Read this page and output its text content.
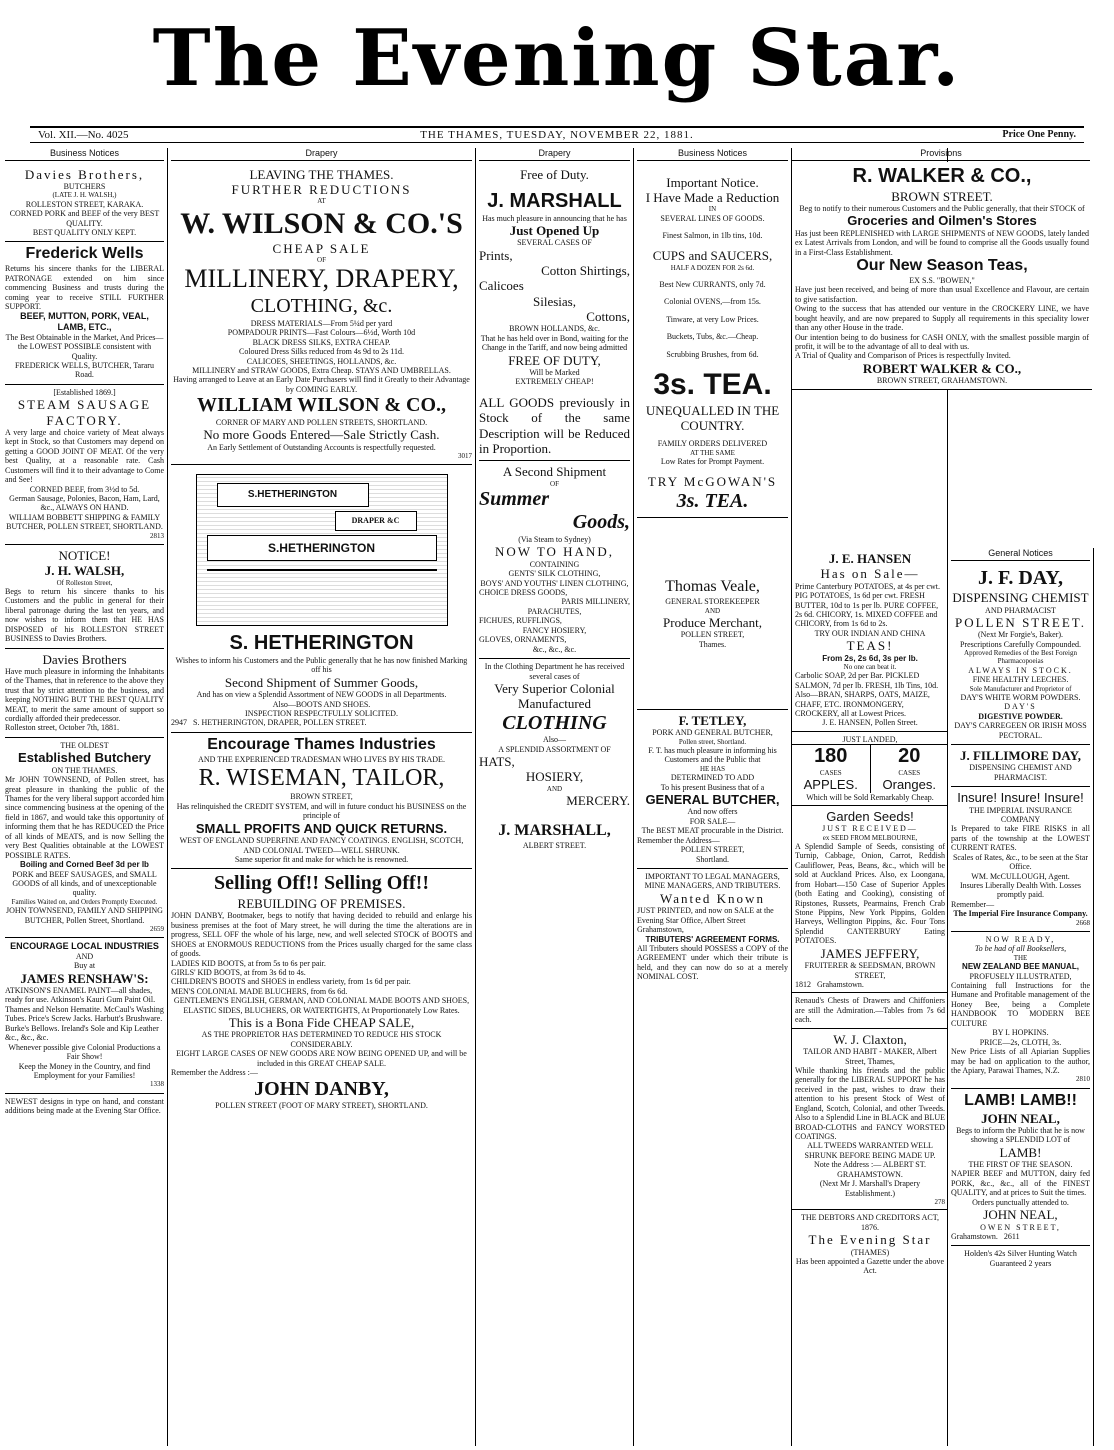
The Evening Star.
Vol. XII.—No. 4025	THE THAMES, TUESDAY, NOVEMBER 22, 1881.	Price One Penny.
Business Notices

Davies Brothers,

BUTCHERS

(LATE J. H. WALSH,)

ROLLESTON STREET, KARAKA.

CORNED PORK and BEEF of the very BEST QUALITY.

BEST QUALITY ONLY KEPT.

Frederick Wells

Returns his sincere thanks for the LIBERAL PATRONAGE extended on him since commencing Business and trusts during the coming year to receive STILL FURTHER SUPPORT.

BEEF, MUTTON, PORK, VEAL, LAMB, ETC.,

The Best Obtainable in the Market, And Prices—the LOWEST POSSIBLE consistent with Quality.

FREDERICK WELLS, BUTCHER, Tararu Road.

[Established 1869.]

STEAM SAUSAGE FACTORY.

A very large and choice variety of Meat always kept in Stock, so that Customers may depend on getting a GOOD JOINT OF MEAT. Of the very best Quality, at a reasonable rate. Cash Customers will find it to their advantage to Come and See!

CORNED BEEF, from 3½d to 5d.

German Sausage, Polonies, Bacon, Ham, Lard, &c., ALWAYS ON HAND.

WILLIAM BOBBETT SHIPPING & FAMILY BUTCHER, POLLEN STREET, SHORTLAND.

2813

NOTICE!

J. H. WALSH,

Of Rolleston Street,

Begs to return his sincere thanks to his Customers and the public in general for their liberal patronage during the last ten years, and now wishes to inform them that HE HAS DISPOSED of his ROLLESTON STREET BUSINESS to Davies Brothers.

Davies Brothers

Have much pleasure in informing the Inhabitants of the Thames, that in reference to the above they trust that by strict attention to the business, and keeping NOTHING BUT THE BEST QUALITY MEAT, to merit the same amount of support so cordially afforded their predecessor.

Rolleston street, October 7th, 1881.

THE OLDEST

Established Butchery

ON THE THAMES.

Mr JOHN TOWNSEND, of Pollen street, has great pleasure in thanking the public of the Thames for the very liberal support accorded him since commencing business at the opening of the field in 1867, and would take this opportunity of informing them that he has REDUCED the Price of all kinds of MEATS, and is now Selling the very Best Qualities obtainable at the LOWEST POSSIBLE RATES.

Boiling and Corned Beef 3d per lb

PORK and BEEF SAUSAGES, and SMALL GOODS of all kinds, and of unexceptionable quality.

Families Waited on, and Orders Promptly Executed.

JOHN TOWNSEND, FAMILY AND SHIPPING BUTCHER, Pollen Street, Shortland.

2659

ENCOURAGE LOCAL INDUSTRIES

AND

Buy at

JAMES RENSHAW'S:

ATKINSON'S ENAMEL PAINT—all shades, ready for use. Atkinson's Kauri Gum Paint Oil. Thames and Nelson Hematite. McCaul's Washing Tubes. Price's Screw Jacks. Harbutt's Brushware. Burke's Bellows. Ireland's Sole and Kip Leather &c., &c., &c.

Whenever possible give Colonial Productions a Fair Show!

Keep the Money in the Country, and find Employment for your Families!

1338

NEWEST designs in type on hand, and constant additions being made at the Evening Star Office.

Drapery

LEAVING THE THAMES.

FURTHER REDUCTIONS

AT

W. WILSON & CO.'S

CHEAP SALE

OF

MILLINERY, DRAPERY,

CLOTHING, &c.

DRESS MATERIALS—From 5¼d per yard

POMPADOUR PRINTS—Fast Colours—6½d, Worth 10d

BLACK DRESS SILKS, EXTRA CHEAP.

Coloured Dress Silks reduced from 4s 9d to 2s 11d.

CALICOES, SHEETINGS, HOLLANDS, &c.

MILLINERY and STRAW GOODS, Extra Cheap. STAYS AND UMBRELLAS.

Having arranged to Leave at an Early Date Purchasers will find it Greatly to their Advantage by COMING EARLY.

WILLIAM WILSON & CO.,

CORNER OF MARY AND POLLEN STREETS, SHORTLAND.

No more Goods Entered—Sale Strictly Cash.

An Early Settlement of Outstanding Accounts is respectfully requested.

3017

S.HETHERINGTON
DRAPER &C
S.HETHERINGTON

S. HETHERINGTON

Wishes to inform his Customers and the Public generally that he has now finished Marking off his

Second Shipment of Summer Goods,

And has on view a Splendid Assortment of NEW GOODS in all Departments.

Also—BOOTS AND SHOES.

INSPECTION RESPECTFULLY SOLICITED.

2947 S. HETHERINGTON, DRAPER, POLLEN STREET.

Encourage Thames Industries

AND THE EXPERIENCED TRADESMAN WHO LIVES BY HIS TRADE.

R. WISEMAN, TAILOR,

BROWN STREET,

Has relinquished the CREDIT SYSTEM, and will in future conduct his BUSINESS on the principle of

SMALL PROFITS AND QUICK RETURNS.

WEST OF ENGLAND SUPERFINE AND FANCY COATINGS. ENGLISH, SCOTCH, AND COLONIAL TWEED—WELL SHRUNK.

Same superior fit and make for which he is renowned.

Selling Off!! Selling Off!!

REBUILDING OF PREMISES.

JOHN DANBY, Bootmaker, begs to notify that having decided to rebuild and enlarge his business premises at the foot of Mary street, he will during the time the alterations are in progress, SELL OFF the whole of his large, new, and well selected STOCK of BOOTS and SHOES at ENORMOUS REDUCTIONS from the Prices usually charged for the same class of goods.

LADIES KID BOOTS, at from 5s to 6s per pair.

GIRLS' KID BOOTS, at from 3s 6d to 4s.

CHILDREN'S BOOTS and SHOES in endless variety, from 1s 6d per pair.

MEN'S COLONIAL MADE BLUCHERS, from 6s 6d.

GENTLEMEN'S ENGLISH, GERMAN, AND COLONIAL MADE BOOTS AND SHOES, ELASTIC SIDES, BLUCHERS, OR WATERTIGHTS, At Proportionately Low Rates.

This is a Bona Fide CHEAP SALE,

AS THE PROPRIETOR HAS DETERMINED TO REDUCE HIS STOCK CONSIDERABLY.

EIGHT LARGE CASES OF NEW GOODS ARE NOW BEING OPENED UP, and will be included in this GREAT CHEAP SALE.

Remember the Address :—

JOHN DANBY,

POLLEN STREET (FOOT OF MARY STREET), SHORTLAND.

Drapery

Free of Duty.

J. MARSHALL

Has much pleasure in announcing that he has

Just Opened Up

SEVERAL CASES OF

Prints,

Cotton Shirtings,

Calicoes

Silesias,

Cottons,

BROWN HOLLANDS, &c.

That he has held over in Bond, waiting for the Change in the Tariff, and now being admitted

FREE OF DUTY,

Will be Marked

EXTREMELY CHEAP!

ALL GOODS previously in Stock of the same Description will be Reduced in Proportion.

A Second Shipment

OF

Summer

Goods,

(Via Steam to Sydney)

NOW TO HAND,

CONTAINING

GENTS' SILK CLOTHING,

BOYS' AND YOUTHS' LINEN CLOTHING,

CHOICE DRESS GOODS,

PARIS MILLINERY,

PARACHUTES,

FICHUES, RUFFLINGS,

FANCY HOSIERY,

GLOVES, ORNAMENTS,

&c., &c., &c.

In the Clothing Department he has received several cases of

Very Superior Colonial Manufactured

CLOTHING

Also—

A SPLENDID ASSORTMENT OF

HATS,

HOSIERY,

AND

MERCERY.

J. MARSHALL,

ALBERT STREET.

Business Notices

Important Notice.

I Have Made a Reduction

IN

SEVERAL LINES OF GOODS.

Finest Salmon, in 1lb tins, 10d.

CUPS and SAUCERS,

HALF A DOZEN FOR 2s 6d.

Best New CURRANTS, only 7d.

Colonial OVENS,—from 15s.

Tinware, at very Low Prices.

Buckets, Tubs, &c.—Cheap.

Scrubbing Brushes, from 6d.

3s. TEA.

UNEQUALLED IN THE COUNTRY.

FAMILY ORDERS DELIVERED

AT THE SAME

Low Rates for Prompt Payment.

TRY McGOWAN'S

3s. TEA.

Thomas Veale,

GENERAL STOREKEEPER

AND

Produce Merchant,

POLLEN STREET,

Thames.

F. TETLEY,

PORK AND GENERAL BUTCHER,

Pollen street, Shortland.

F. T. has much pleasure in informing his Customers and the Public that

HE HAS

DETERMINED TO ADD

To his present Business that of a

GENERAL BUTCHER,

And now offers

FOR SALE—

The BEST MEAT procurable in the District.

Remember the Address—

POLLEN STREET,

Shortland.

IMPORTANT TO LEGAL MANAGERS, MINE MANAGERS, AND TRIBUTERS.

Wanted Known

JUST PRINTED, and now on SALE at the Evening Star Office, Albert Street Grahamstown,

TRIBUTERS' AGREEMENT FORMS.

All Tributers should POSSESS a COPY of the AGREEMENT under which their tribute is held, and they can now do so at a merely NOMINAL COST.

Provisions

R. WALKER & CO.,

BROWN STREET.

Beg to notify to their numerous Customers and the Public generally, that their STOCK of

Groceries and Oilmen's Stores

Has just been REPLENISHED with LARGE SHIPMENTS of NEW GOODS, lately landed ex Latest Arrivals from London, and will be found to comprise all the Goods usually found in a First-Class Establishment.

Our New Season Teas,

EX S.S. "BOWEN,"

Have just been received, and being of more than usual Excellence and Flavour, are certain to give satisfaction.

Owing to the success that has attended our venture in the CROCKERY LINE, we have bought heavily, and are now prepared to Supply all requirements in this speciality lower than any other House in the trade.

Our intention being to do business for CASH ONLY, with the smallest possible margin of profit, it will be to the advantage of all to deal with us.

A Trial of Quality and Comparison of Prices is respectfully Invited.

ROBERT WALKER & CO.,

BROWN STREET, GRAHAMSTOWN.

J. E. HANSEN

Has on Sale—

Prime Canterbury POTATOES, at 4s per cwt. PIG POTATOES, 1s 6d per cwt. FRESH BUTTER, 10d to 1s per lb. PURE COFFEE, 2s 6d. CHICORY, 1s. MIXED COFFEE and CHICORY, from 1s 6d to 2s.

TRY OUR INDIAN AND CHINA

TEAS!

From 2s, 2s 6d, 3s per lb.

No one can beat it.

Carbolic SOAP, 2d per Bar. PICKLED SALMON, 7d per lb. FRESH, 1lb Tins, 10d. Also—BRAN, SHARPS, OATS, MAIZE, CHAFF, ETC. IRONMONGERY, CROCKERY, all at Lowest Prices.

J. E. HANSEN, Pollen Street.

JUST LANDED,

180

CASES

APPLES.

20

CASES

Oranges.

Which will be Sold Remarkably Cheap.

Garden Seeds!

JUST RECEIVED—

ex SEED FROM MELBOURNE,

A Splendid Sample of Seeds, consisting of Turnip, Cabbage, Onion, Carrot, Reddish Cauliflower, Peas, Beans, &c., which will be sold at Auckland Prices. Also, ex Loongana, from Hobart—150 Case of Superior Apples (both Eating and Cooking), consisting of Ripstones, Russets, Pearmains, French Crab Stone Pippins, New York Pippins, Golden Harveys, Wellington Pippins, &c. Four Tons Splendid CANTERBURY Eating POTATOES.

JAMES JEFFERY,

FRUITERER & SEEDSMAN, BROWN STREET,

1812 Grahamstown.

Renaud's Chests of Drawers and Chiffoniers are still the Admiration.—Tables from 7s 6d each.

W. J. Claxton,

TAILOR AND HABIT - MAKER, Albert Street, Thames,

While thanking his friends and the public generally for the LIBERAL SUPPORT he has received in the past, wishes to draw their attention to his present Stock of West of England, Scotch, Colonial, and other Tweeds. Also to a Splendid Line in BLACK and BLUE BROAD-CLOTHS and FANCY WORSTED COATINGS.

ALL TWEEDS WARRANTED WELL SHRUNK BEFORE BEING MADE UP.

Note the Address :— ALBERT ST. GRAHAMSTOWN.

(Next Mr J. Marshall's Drapery Establishment.)

278

THE DEBTORS AND CREDITORS ACT, 1876.

The Evening Star

(THAMES)

Has been appointed a Gazette under the above Act.

General Notices

J. F. DAY,

DISPENSING CHEMIST

AND PHARMACIST

POLLEN STREET.

(Next Mr Forgie's, Baker).

Prescriptions Carefully Compounded.

Approved Remedies of the Best Foreign Pharmacopoeias

ALWAYS IN STOCK.

FINE HEALTHY LEECHES.

Sole Manufacturer and Proprietor of

DAY'S WHITE WORM POWDERS.

DAY'S

DIGESTIVE POWDER.

DAY'S CARREGEEN OR IRISH MOSS PECTORAL.

J. FILLIMORE DAY,

DISPENSING CHEMIST AND PHARMACIST.

Insure! Insure! Insure!

THE IMPERIAL INSURANCE COMPANY

Is Prepared to take FIRE RISKS in all parts of the township at the LOWEST CURRENT RATES.

Scales of Rates, &c., to be seen at the Star Office.

WM. McCULLOUGH, Agent.

Insures Liberally Dealth With. Losses promptly paid.

Remember—

The Imperial Fire Insurance Company.

2668

NOW READY,

To be had of all Booksellers,

THE

NEW ZEALAND BEE MANUAL,

PROFUSELY ILLUSTRATED,

Containing full Instructions for the Humane and Profitable management of the Honey Bee, being a Complete HANDBOOK TO MODERN BEE CULTURE

BY I. HOPKINS.

PRICE—2s, CLOTH, 3s.

New Price Lists of all Apiarian Supplies may be had on application to the author, the Apiary, Parawai Thames, N.Z.

2810

LAMB! LAMB!!

JOHN NEAL,

Begs to inform the Public that he is now

showing a SPLENDID LOT of

LAMB!

THE FIRST OF THE SEASON.

NAPIER BEEF and MUTTON, dairy fed PORK, &c., &c., all of the FINEST QUALITY, and at prices to Suit the times.

Orders punctually attended to.

JOHN NEAL,

OWEN STREET,

Grahamstown. 2611

Holden's 42s Silver Hunting Watch Guaranteed 2 years
